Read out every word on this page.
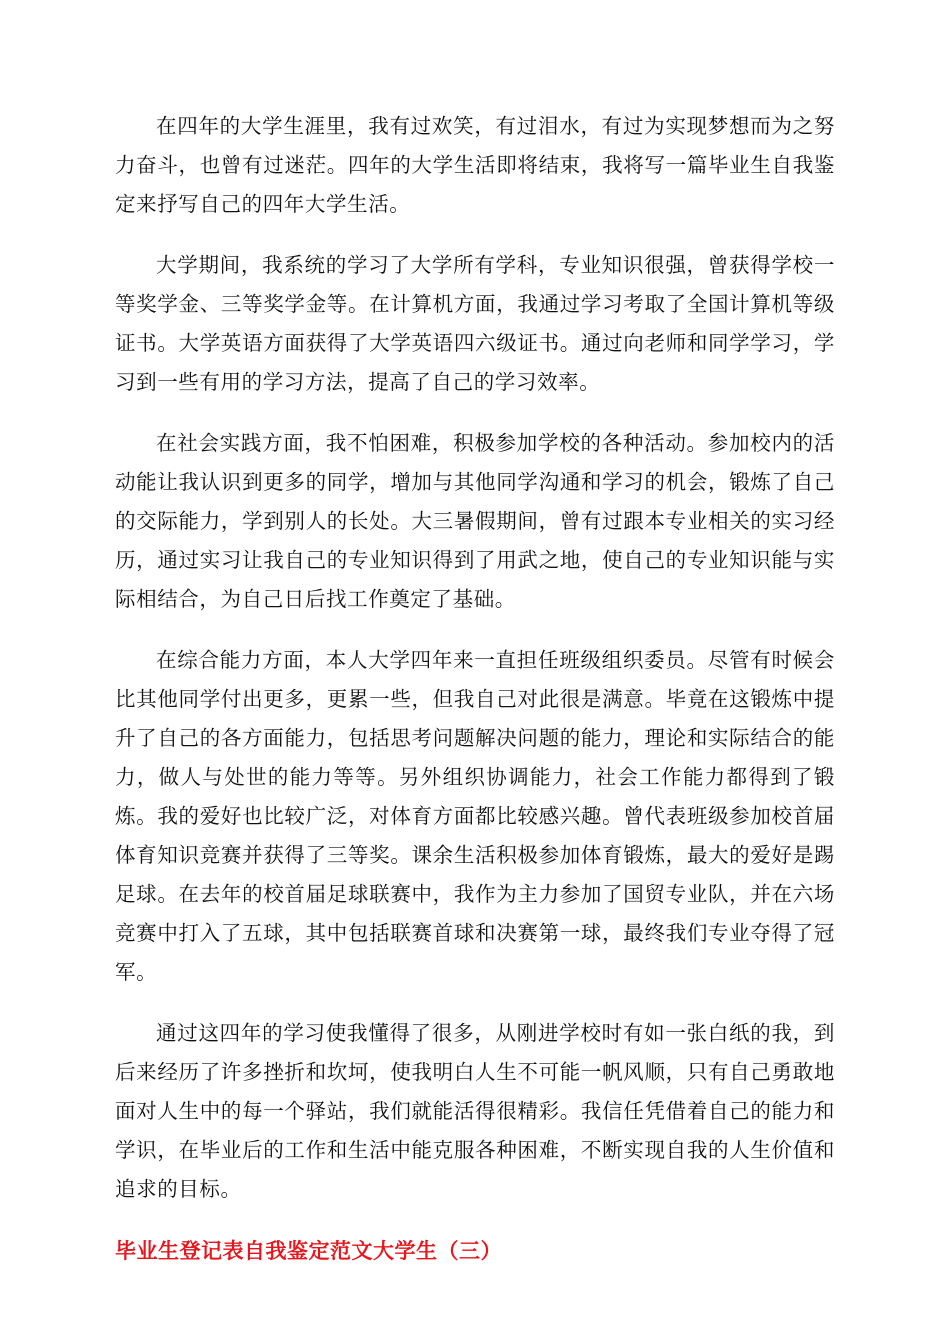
在四年的大学生涯里，我有过欢笑，有过泪水，有过为实现梦想而为之努力奋斗，也曾有过迷茫。四年的大学生活即将结束，我将写一篇毕业生自我鉴定来抒写自己的四年大学生活。

大学期间，我系统的学习了大学所有学科，专业知识很强，曾获得学校一等奖学金、三等奖学金等。在计算机方面，我通过学习考取了全国计算机等级证书。大学英语方面获得了大学英语四六级证书。通过向老师和同学学习，学习到一些有用的学习方法，提高了自己的学习效率。

在社会实践方面，我不怕困难，积极参加学校的各种活动。参加校内的活动能让我认识到更多的同学，增加与其他同学沟通和学习的机会，锻炼了自己的交际能力，学到别人的长处。大三暑假期间，曾有过跟本专业相关的实习经历，通过实习让我自己的专业知识得到了用武之地，使自己的专业知识能与实际相结合，为自己日后找工作奠定了基础。

在综合能力方面，本人大学四年来一直担任班级组织委员。尽管有时候会比其他同学付出更多，更累一些，但我自己对此很是满意。毕竟在这锻炼中提升了自己的各方面能力，包括思考问题解决问题的能力，理论和实际结合的能力，做人与处世的能力等等。另外组织协调能力，社会工作能力都得到了锻炼。我的爱好也比较广泛，对体育方面都比较感兴趣。曾代表班级参加校首届体育知识竞赛并获得了三等奖。课余生活积极参加体育锻炼，最大的爱好是踢足球。在去年的校首届足球联赛中，我作为主力参加了国贸专业队，并在六场竞赛中打入了五球，其中包括联赛首球和决赛第一球，最终我们专业夺得了冠军。

通过这四年的学习使我懂得了很多，从刚进学校时有如一张白纸的我，到后来经历了许多挫折和坎坷，使我明白人生不可能一帆风顺，只有自己勇敢地面对人生中的每一个驿站，我们就能活得很精彩。我信任凭借着自己的能力和学识，在毕业后的工作和生活中能克服各种困难，不断实现自我的人生价值和追求的目标。

毕业生登记表自我鉴定范文大学生（三）
